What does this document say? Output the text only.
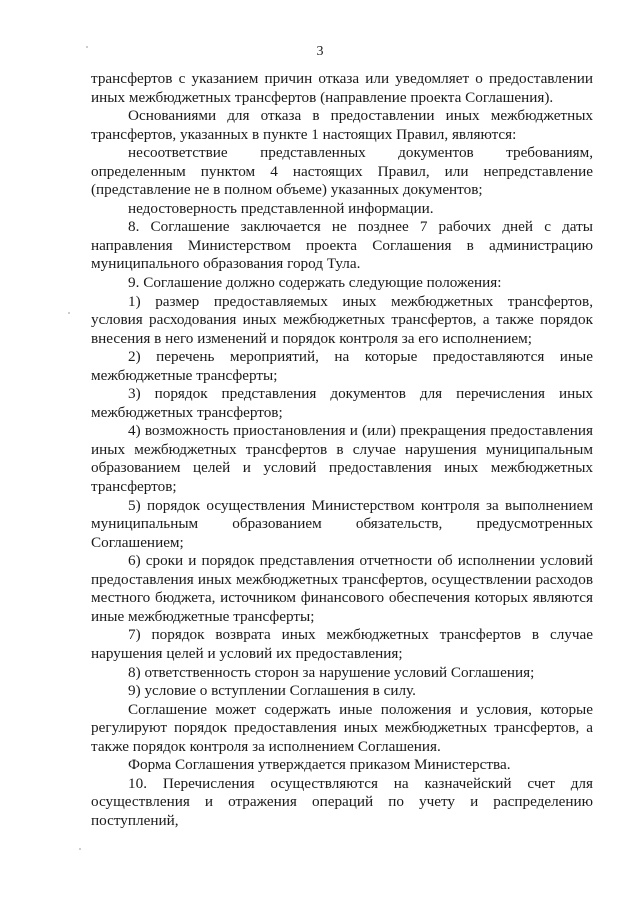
3

трансфертов с указанием причин отказа или уведомляет о предоставлении иных межбюджетных трансфертов (направление проекта Соглашения).

Основаниями для отказа в предоставлении иных межбюджетных трансфертов, указанных в пункте 1 настоящих Правил, являются:

несоответствие представленных документов требованиям, определенным пунктом 4 настоящих Правил, или непредставление (представление не в полном объеме) указанных документов;

недостоверность представленной информации.

8. Соглашение заключается не позднее 7 рабочих дней с даты направления Министерством проекта Соглашения в администрацию муниципального образования город Тула.

9. Соглашение должно содержать следующие положения:

1) размер предоставляемых иных межбюджетных трансфертов, условия расходования иных межбюджетных трансфертов, а также порядок внесения в него изменений и порядок контроля за его исполнением;

2) перечень мероприятий, на которые предоставляются иные межбюджетные трансферты;

3) порядок представления документов для перечисления иных межбюджетных трансфертов;

4) возможность приостановления и (или) прекращения предоставления иных межбюджетных трансфертов в случае нарушения муниципальным образованием целей и условий предоставления иных межбюджетных трансфертов;

5) порядок осуществления Министерством контроля за выполнением муниципальным образованием обязательств, предусмотренных Соглашением;

6) сроки и порядок представления отчетности об исполнении условий предоставления иных межбюджетных трансфертов, осуществлении расходов местного бюджета, источником финансового обеспечения которых являются иные межбюджетные трансферты;

7) порядок возврата иных межбюджетных трансфертов в случае нарушения целей и условий их предоставления;

8) ответственность сторон за нарушение условий Соглашения;

9) условие о вступлении Соглашения в силу.

Соглашение может содержать иные положения и условия, которые регулируют порядок предоставления иных межбюджетных трансфертов, а также порядок контроля за исполнением Соглашения.

Форма Соглашения утверждается приказом Министерства.

10. Перечисления осуществляются на казначейский счет для осуществления и отражения операций по учету и распределению поступлений,
